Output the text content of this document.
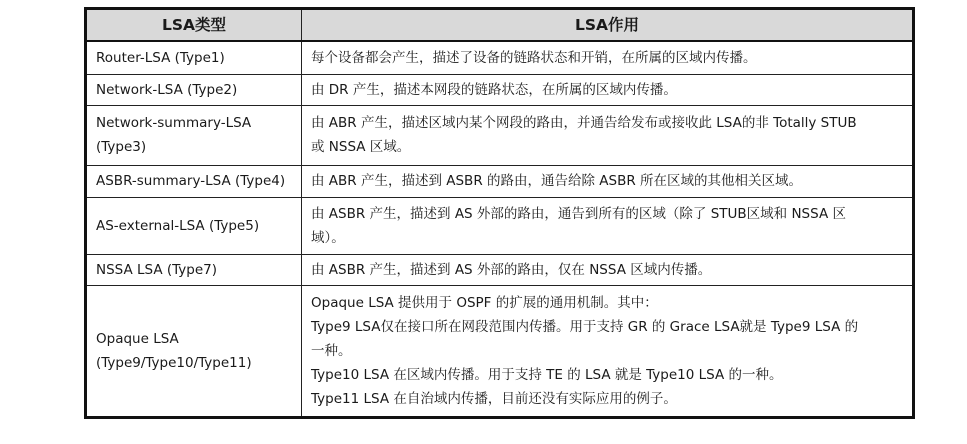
LSA类型	LSA作用

Router-LSA (Type1)	每个设备都会产生，描述了设备的链路状态和开销，在所属的区域内传播。

Network-LSA (Type2)	由 DR 产生，描述本网段的链路状态，在所属的区域内传播。

Network-summary-LSA
(Type3)	由 ABR 产生，描述区域内某个网段的路由，并通告给发布或接收此 LSA的非 Totally STUB
或 NSSA 区域。

ASBR-summary-LSA (Type4)	由 ABR 产生，描述到 ASBR 的路由，通告给除 ASBR 所在区域的其他相关区域。

AS-external-LSA (Type5)	由 ASBR 产生，描述到 AS 外部的路由，通告到所有的区域（除了 STUB区域和 NSSA 区
域）。

NSSA LSA (Type7)	由 ASBR 产生，描述到 AS 外部的路由，仅在 NSSA 区域内传播。

Opaque LSA
(Type9/Type10/Type11)	Opaque LSA 提供用于 OSPF 的扩展的通用机制。其中：
Type9 LSA仅在接口所在网段范围内传播。用于支持 GR 的 Grace LSA就是 Type9 LSA 的
一种。
Type10 LSA 在区域内传播。用于支持 TE 的 LSA 就是 Type10 LSA 的一种。
Type11 LSA 在自治域内传播，目前还没有实际应用的例子。
